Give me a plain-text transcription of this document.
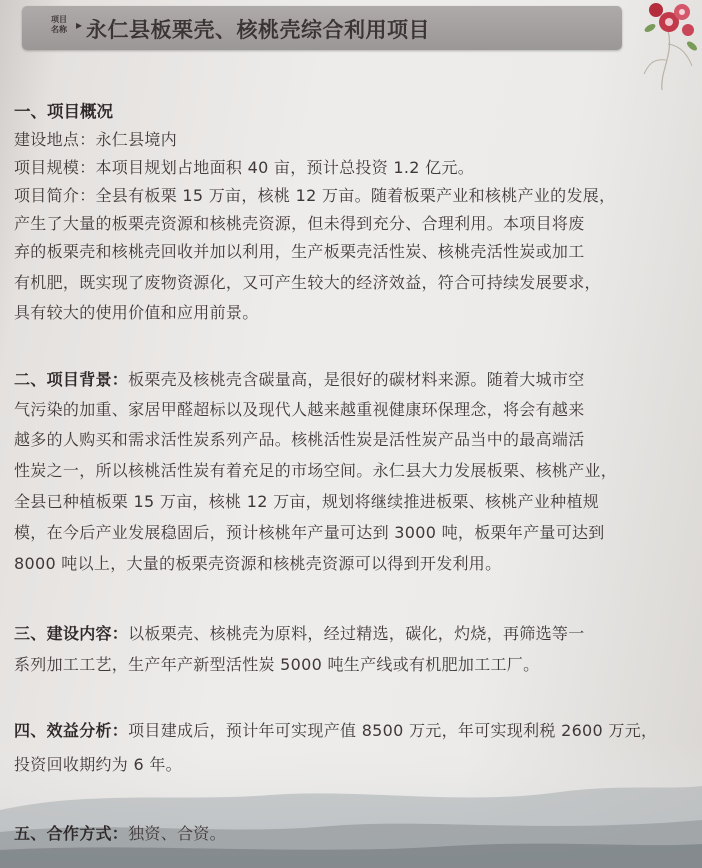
项目
名称 ▸ 永仁县板栗壳、核桃壳综合利用项目
一、项目概况
建设地点：永仁县境内
项目规模：本项目规划占地面积 40 亩，预计总投资 1.2 亿元。
项目简介：全县有板栗 15 万亩，核桃 12 万亩。随着板栗产业和核桃产业的发展，
产生了大量的板栗壳资源和核桃壳资源，但未得到充分、合理利用。本项目将废
弃的板栗壳和核桃壳回收并加以利用，生产板栗壳活性炭、核桃壳活性炭或加工
有机肥，既实现了废物资源化，又可产生较大的经济效益，符合可持续发展要求，
具有较大的使用价值和应用前景。
二、项目背景：板栗壳及核桃壳含碳量高，是很好的碳材料来源。随着大城市空
气污染的加重、家居甲醛超标以及现代人越来越重视健康环保理念，将会有越来
越多的人购买和需求活性炭系列产品。核桃活性炭是活性炭产品当中的最高端活
性炭之一，所以核桃活性炭有着充足的市场空间。永仁县大力发展板栗、核桃产业，
全县已种植板栗 15 万亩，核桃 12 万亩，规划将继续推进板栗、核桃产业种植规
模，在今后产业发展稳固后，预计核桃年产量可达到 3000 吨，板栗年产量可达到
8000 吨以上，大量的板栗壳资源和核桃壳资源可以得到开发利用。
三、建设内容：以板栗壳、核桃壳为原料，经过精选，碳化，灼烧，再筛选等一
系列加工工艺，生产年产新型活性炭 5000 吨生产线或有机肥加工工厂。
四、效益分析：项目建成后，预计年可实现产值 8500 万元，年可实现利税 2600 万元，
投资回收期约为 6 年。
五、合作方式：独资、合资。
